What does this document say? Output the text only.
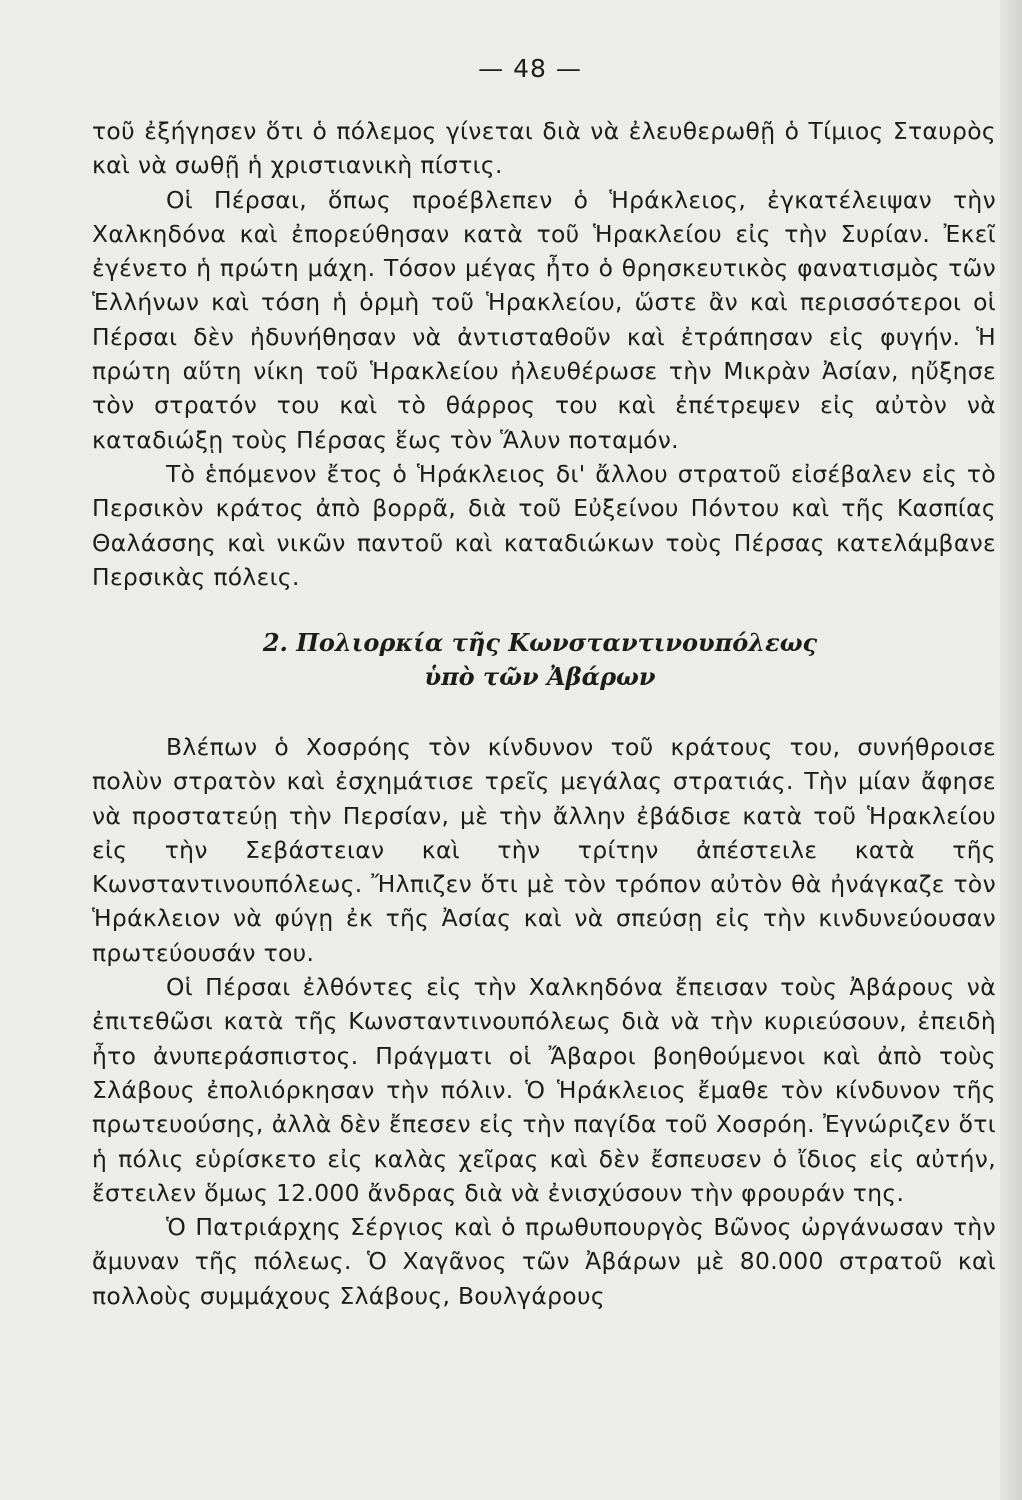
— 48 —

τοῦ ἐξήγησεν ὅτι ὁ πόλεμος γίνεται διὰ νὰ ἐλευθερωθῇ ὁ Τίμιος Σταυρὸς καὶ νὰ σωθῇ ἡ χριστιανικὴ πίστις.

Οἱ Πέρσαι, ὅπως προέβλεπεν ὁ Ἡράκλειος, ἐγκατέλειψαν τὴν Χαλκηδόνα καὶ ἐπορεύθησαν κατὰ τοῦ Ἡρακλείου εἰς τὴν Συρίαν. Ἐκεῖ ἐγένετο ἡ πρώτη μάχη. Τόσον μέγας ἦτο ὁ θρησκευτικὸς φανατισμὸς τῶν Ἑλλήνων καὶ τόση ἡ ὁρμὴ τοῦ Ἡρακλείου, ὥστε ἂν καὶ περισσότεροι οἱ Πέρσαι δὲν ἠδυνήθησαν νὰ ἀντισταθοῦν καὶ ἐτράπησαν εἰς φυγήν. Ἡ πρώτη αὕτη νίκη τοῦ Ἡρακλείου ἠλευθέρωσε τὴν Μικρὰν Ἀσίαν, ηὔξησε τὸν στρατόν του καὶ τὸ θάρρος του καὶ ἐπέτρεψεν εἰς αὐτὸν νὰ καταδιώξῃ τοὺς Πέρσας ἕως τὸν Ἅλυν ποταμόν.

Τὸ ἑπόμενον ἔτος ὁ Ἡράκλειος δι' ἄλλου στρατοῦ εἰσέβαλεν εἰς τὸ Περσικὸν κράτος ἀπὸ βορρᾶ, διὰ τοῦ Εὐξείνου Πόντου καὶ τῆς Κασπίας Θαλάσσης καὶ νικῶν παντοῦ καὶ καταδιώκων τοὺς Πέρσας κατελάμβανε Περσικὰς πόλεις.

2. Πολιορκία τῆς Κωνσταντινουπόλεως
ὑπὸ τῶν Ἀβάρων

Βλέπων ὁ Χοσρόης τὸν κίνδυνον τοῦ κράτους του, συνήθροισε πολὺν στρατὸν καὶ ἐσχημάτισε τρεῖς μεγάλας στρατιάς. Τὴν μίαν ἄφησε νὰ προστατεύῃ τὴν Περσίαν, μὲ τὴν ἄλλην ἐβάδισε κατὰ τοῦ Ἡρακλείου εἰς τὴν Σεβάστειαν καὶ τὴν τρίτην ἀπέστειλε κατὰ τῆς Κωνσταντινουπόλεως. Ἤλπιζεν ὅτι μὲ τὸν τρόπον αὐτὸν θὰ ἠνάγκαζε τὸν Ἡράκλειον νὰ φύγῃ ἐκ τῆς Ἀσίας καὶ νὰ σπεύσῃ εἰς τὴν κινδυνεύουσαν πρωτεύουσάν του.

Οἱ Πέρσαι ἐλθόντες εἰς τὴν Χαλκηδόνα ἔπεισαν τοὺς Ἀβάρους νὰ ἐπιτεθῶσι κατὰ τῆς Κωνσταντινουπόλεως διὰ νὰ τὴν κυριεύσουν, ἐπειδὴ ἦτο ἀνυπεράσπιστος. Πράγματι οἱ Ἄβαροι βοηθούμενοι καὶ ἀπὸ τοὺς Σλάβους ἐπολιόρκησαν τὴν πόλιν. Ὁ Ἡράκλειος ἔμαθε τὸν κίνδυνον τῆς πρωτευούσης, ἀλλὰ δὲν ἔπεσεν εἰς τὴν παγίδα τοῦ Χοσρόη. Ἐγνώριζεν ὅτι ἡ πόλις εὑρίσκετο εἰς καλὰς χεῖρας καὶ δὲν ἔσπευσεν ὁ ἴδιος εἰς αὐτήν, ἔστειλεν ὅμως 12.000 ἄνδρας διὰ νὰ ἐνισχύσουν τὴν φρουράν της.

Ὁ Πατριάρχης Σέργιος καὶ ὁ πρωθυπουργὸς Βῶνος ὠργάνωσαν τὴν ἄμυναν τῆς πόλεως. Ὁ Χαγᾶνος τῶν Ἀβάρων μὲ 80.000 στρατοῦ καὶ πολλοὺς συμμάχους Σλάβους, Βουλγάρους
